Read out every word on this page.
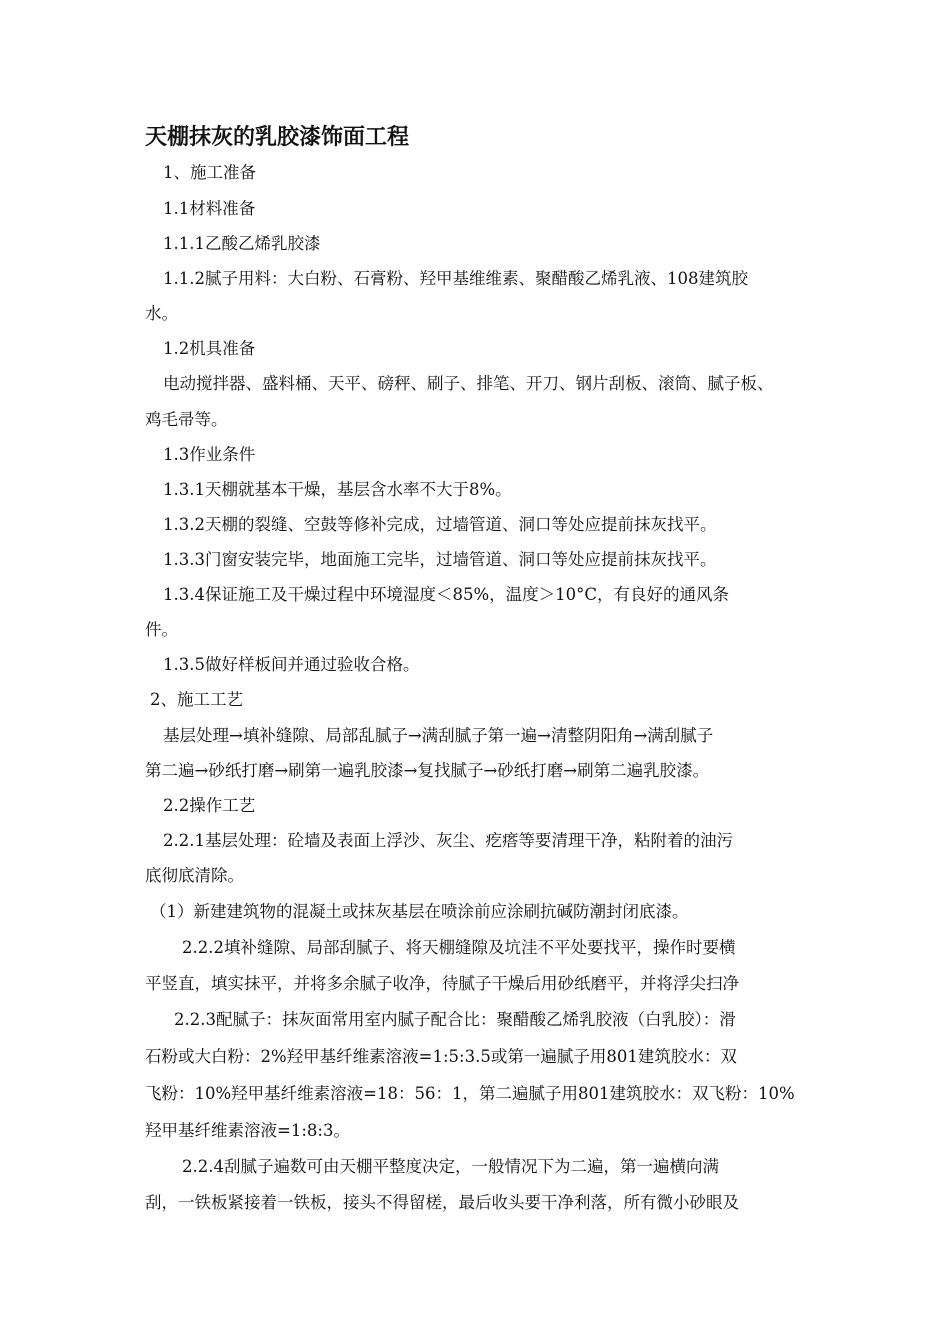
天棚抹灰的乳胶漆饰面工程

1、施工准备

1.1材料准备

1.1.1乙酸乙烯乳胶漆

1.1.2腻子用料：大白粉、石膏粉、羟甲基维维素、聚醋酸乙烯乳液、108建筑胶

水。

1.2机具准备

电动搅拌器、盛料桶、天平、磅秤、刷子、排笔、开刀、钢片刮板、滚筒、腻子板、

鸡毛帚等。

1.3作业条件

1.3.1天棚就基本干燥，基层含水率不大于8%。

1.3.2天棚的裂缝、空鼓等修补完成，过墙管道、洞口等处应提前抹灰找平。

1.3.3门窗安装完毕，地面施工完毕，过墙管道、洞口等处应提前抹灰找平。

1.3.4保证施工及干燥过程中环境湿度＜85%，温度＞10°C，有良好的通风条

件。

1.3.5做好样板间并通过验收合格。

2、施工工艺

基层处理→填补缝隙、局部乱腻子→满刮腻子第一遍→清整阴阳角→满刮腻子

第二遍→砂纸打磨→刷第一遍乳胶漆→复找腻子→砂纸打磨→刷第二遍乳胶漆。

2.2操作工艺

2.2.1基层处理：砼墙及表面上浮沙、灰尘、疙瘩等要清理干净，粘附着的油污

底彻底清除。

（1）新建建筑物的混凝土或抹灰基层在喷涂前应涂刷抗碱防潮封闭底漆。

2.2.2填补缝隙、局部刮腻子、将天棚缝隙及坑洼不平处要找平，操作时要横

平竖直，填实抹平，并将多余腻子收净，待腻子干燥后用砂纸磨平，并将浮尖扫净

2.2.3配腻子：抹灰面常用室内腻子配合比：聚醋酸乙烯乳胶液（白乳胶）：滑

石粉或大白粉：2%羟甲基纤维素溶液=1:5:3.5或第一遍腻子用801建筑胶水：双

飞粉：10%羟甲基纤维素溶液=18：56：1，第二遍腻子用801建筑胶水：双飞粉：10%

羟甲基纤维素溶液=1:8:3。

2.2.4刮腻子遍数可由天棚平整度决定，一般情况下为二遍，第一遍横向满

刮，一铁板紧接着一铁板，接头不得留槎，最后收头要干净利落，所有微小砂眼及
